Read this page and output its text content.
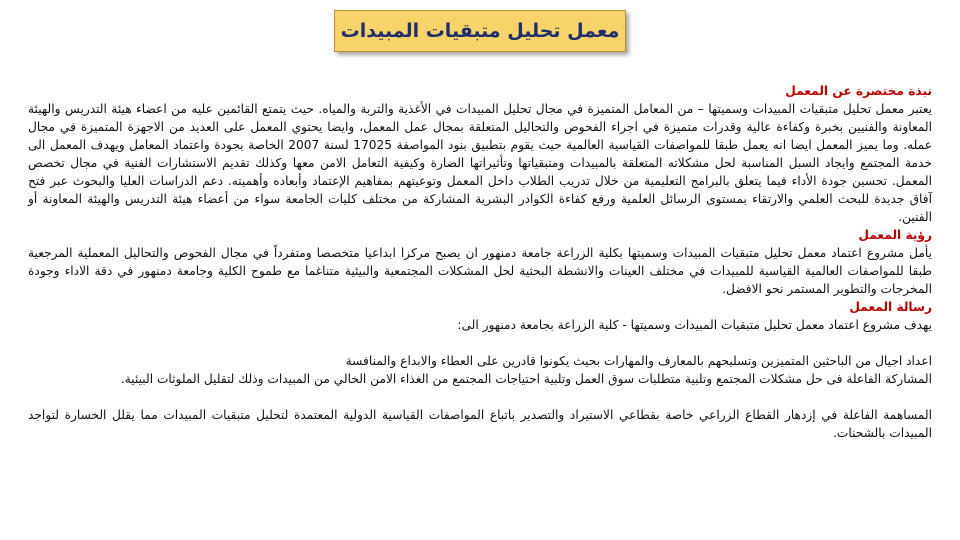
معمل تحليل متبقيات المبيدات

نبذة مختصرة عن المعمل

يعتبر معمل تحليل متبقيات المبيدات وسميتها – من المعامل المتميزة في مجال تحليل المبيدات في الأغذية والتربة والمياه. حيث يتمتع القائمين عليه من اعضاء هيئة التدريس والهيئة المعاونة والفنيين بخبرة وكفاءة عالية وقدرات متميزة في اجراء الفحوص والتحاليل المتعلقة بمجال عمل المعمل، وايضا يحتوي المعمل على العديد من الاجهزة المتميزة في مجال عمله. وما يميز المعمل ايضا انه يعمل طبقا للمواصفات القياسية العالمية حيث يقوم بتطبيق بنود المواصفة 17025 لسنة 2007 الخاصة بجودة واعتماد المعامل ويهدف المعمل الى خدمة المجتمع وايجاد السبل المناسبة لحل مشكلاته المتعلقة بالمبيدات ومتبقياتها وتأثيراتها الضارة وكيفية التعامل الامن معها وكذلك تقديم الاستشارات الفنية في مجال تخصص المعمل. تحسين جودة الأداء فيما يتعلق بالبرامج التعليمية من خلال تدريب الطلاب داخل المعمل وتوعيتهم بمفاهيم الإعتماد وأبعاده وأهميته. دعم الدراسات العليا والبحوث عبر فتح آفاق جديدة للبحث العلمي والارتقاء بمستوى الرسائل العلمية ورفع كفاءة الكوادر البشرية المشاركة من مختلف كليات الجامعة سواء من أعضاء هيئة التدريس والهيئة المعاونة أو الفنين.

رؤية المعمل

يأمل مشروع اعتماد معمل تحليل متبقيات المبيدات وسميتها بكلية الزراعة جامعة دمنهور ان يصبح مركزا ابداعيا متخصصا ومتفرداً في مجال الفحوص والتحاليل المعملية المرجعية طبقا للمواصفات العالمية القياسية للمبيدات في مختلف العينات والانشطة البحثية لحل المشكلات المجتمعية والبيئية متناغما مع طموح الكلية وجامعة دمنهور في دقة الاداء وجودة المخرجات والتطوير المستمر نحو الافضل.

رسالة المعمل

يهدف مشروع اعتماد معمل تحليل متبقيات المبيدات وسميتها - كلية الزراعة بجامعة دمنهور الى:

اعداد اجيال من الباحثين المتميزين وتسليحهم بالمعارف والمهارات بحيث يكونوا قادرين على العطاء والابداع والمنافسة

المشاركة الفاعلة فى حل مشكلات المجتمع وتلبية متطلبات سوق العمل وتلبية احتياجات المجتمع من الغذاء الامن الخالي من المبيدات وذلك لتقليل الملوثات البيئية.

المساهمة الفاعلة في إزدهار القطاع الزراعي خاصة بقطاعي الاستيراد والتصدير باتباع المواصفات القياسية الدولية المعتمدة لتحليل متبقيات المبيدات مما يقلل الخسارة لتواجد المبيدات بالشحنات.
